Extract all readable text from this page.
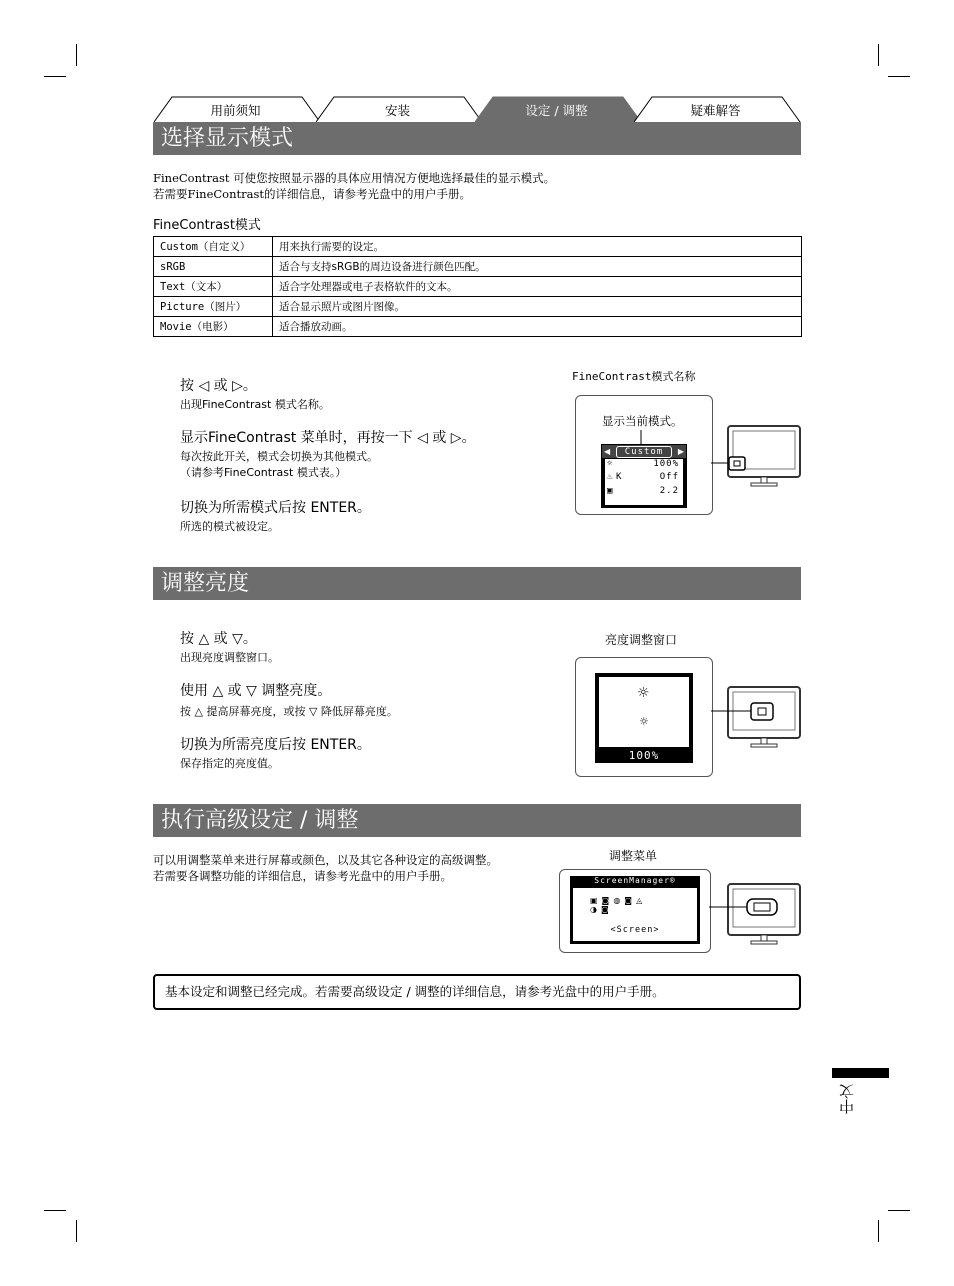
用前须知	安装	设定 / 调整	疑难解答
选择显示模式
FineContrast 可使您按照显示器的具体应用情况方便地选择最佳的显示模式。
若需要FineContrast的详细信息，请参考光盘中的用户手册。
FineContrast模式
Custom（自定义）	用来执行需要的设定。
sRGB	适合与支持sRGB的周边设备进行颜色匹配。
Text（文本）	适合字处理器或电子表格软件的文本。
Picture（图片）	适合显示照片或图片图像。
Movie（电影）	适合播放动画。
按 ◁ 或 ▷。
出现FineContrast 模式名称。
显示FineContrast 菜单时，再按一下 ◁ 或 ▷。
每次按此开关，模式会切换为其他模式。
（请参考FineContrast 模式表。）
切换为所需模式后按 ENTER。
所选的模式被设定。
FineContrast模式名称
显示当前模式。
◀	▶
Custom
☼	100%
♨ K	Off
▣	2.2
调整亮度
按 △ 或 ▽。
出现亮度调整窗口。
使用 △ 或 ▽ 调整亮度。
按 △ 提高屏幕亮度，或按 ▽ 降低屏幕亮度。
切换为所需亮度后按 ENTER。
保存指定的亮度值。
亮度调整窗口
☼
☼
100%
执行高级设定 / 调整
可以用调整菜单来进行屏幕或颜色，以及其它各种设定的高级调整。
若需要各调整功能的详细信息，请参考光盘中的用户手册。
调整菜单
ScreenManager®
▣◙◍◙◬
◑◙
<Screen>
基本设定和调整已经完成。若需要高级设定 / 调整的详细信息，请参考光盘中的用户手册。
中文
